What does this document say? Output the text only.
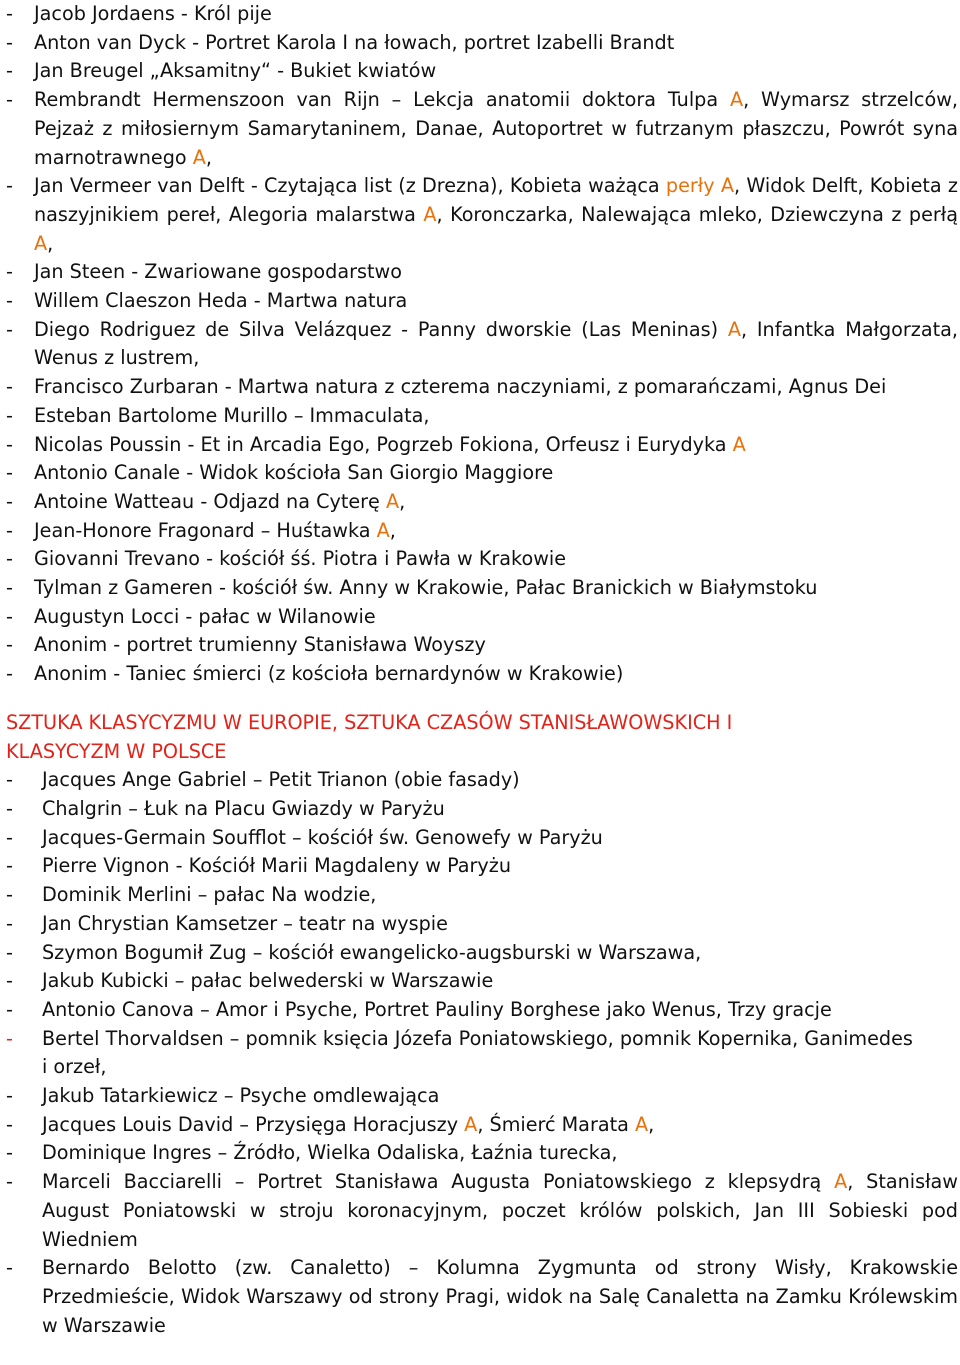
- Jacob Jordaens - Król pije
- Anton van Dyck - Portret Karola I na łowach, portret Izabelli Brandt
- Jan Breugel „Aksamitny“ - Bukiet kwiatów
- Rembrandt Hermenszoon van Rijn – Lekcja anatomii doktora Tulpa A, Wymarsz strzelców, Pejzaż z miłosiernym Samarytaninem, Danae, Autoportret w futrzanym płaszczu, Powrót syna marnotrawnego A,
- Jan Vermeer van Delft - Czytająca list (z Drezna), Kobieta ważąca perły A, Widok Delft, Kobieta z naszyjnikiem pereł, Alegoria malarstwa A, Koronczarka, Nalewająca mleko, Dziewczyna z perłą A,
- Jan Steen - Zwariowane gospodarstwo
- Willem Claeszon Heda - Martwa natura
- Diego Rodriguez de Silva Velázquez - Panny dworskie (Las Meninas) A, Infantka Małgorzata, Wenus z lustrem,
- Francisco Zurbaran - Martwa natura z czterema naczyniami, z pomarańczami, Agnus Dei
- Esteban Bartolome Murillo – Immaculata,
- Nicolas Poussin - Et in Arcadia Ego, Pogrzeb Fokiona, Orfeusz i Eurydyka A
- Antonio Canale - Widok kościoła San Giorgio Maggiore
- Antoine Watteau - Odjazd na Cyterę A,
- Jean-Honore Fragonard – Huśtawka A,
- Giovanni Trevano - kościół śś. Piotra i Pawła w Krakowie
- Tylman z Gameren - kościół św. Anny w Krakowie, Pałac Branickich w Białymstoku
- Augustyn Locci - pałac w Wilanowie
- Anonim - portret trumienny Stanisława Woyszy
- Anonim - Taniec śmierci (z kościoła bernardynów w Krakowie)
SZTUKA KLASYCYZMU W EUROPIE, SZTUKA CZASÓW STANISŁAWOWSKICH I
KLASYCYZM W POLSCE
- Jacques Ange Gabriel – Petit Trianon (obie fasady)
- Chalgrin – Łuk na Placu Gwiazdy w Paryżu
- Jacques-Germain Soufflot – kościół św. Genowefy w Paryżu
- Pierre Vignon - Kościół Marii Magdaleny w Paryżu
- Dominik Merlini – pałac Na wodzie,
- Jan Chrystian Kamsetzer – teatr na wyspie
- Szymon Bogumił Zug – kościół ewangelicko-augsburski w Warszawa,
- Jakub Kubicki – pałac belwederski w Warszawie
- Antonio Canova – Amor i Psyche, Portret Pauliny Borghese jako Wenus, Trzy gracje
- Bertel Thorvaldsen – pomnik księcia Józefa Poniatowskiego, pomnik Kopernika, Ganimedes
i orzeł,
- Jakub Tatarkiewicz – Psyche omdlewająca
- Jacques Louis David – Przysięga Horacjuszy A, Śmierć Marata A,
- Dominique Ingres – Źródło, Wielka Odaliska, Łaźnia turecka,
- Marceli Bacciarelli – Portret Stanisława Augusta Poniatowskiego z klepsydrą A, Stanisław August Poniatowski w stroju koronacyjnym, poczet królów polskich, Jan III Sobieski pod Wiedniem
- Bernardo Belotto (zw. Canaletto) – Kolumna Zygmunta od strony Wisły, Krakowskie Przedmieście, Widok Warszawy od strony Pragi, widok na Salę Canaletta na Zamku Królewskim w Warszawie
